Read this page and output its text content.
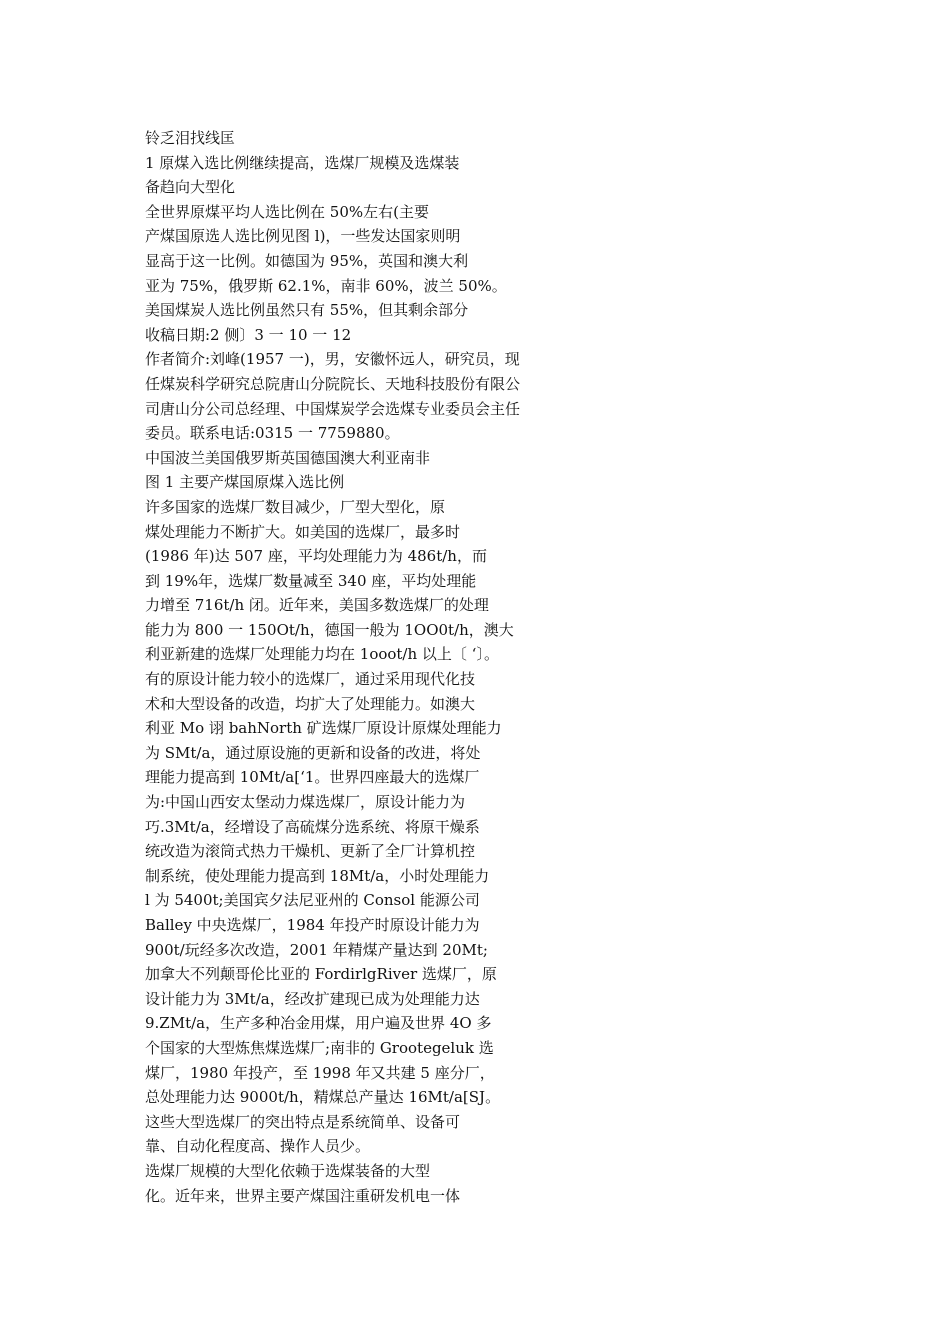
铃乏泪找线匡
1 原煤入选比例继续提高，选煤厂规模及选煤装
备趋向大型化
全世界原煤平均人选比例在 50%左右(主要
产煤国原选人选比例见图 l)，一些发达国家则明
显高于这一比例。如德国为 95%，英国和澳大利
亚为 75%，俄罗斯 62.1%，南非 60%，波兰 50%。
美国煤炭人选比例虽然只有 55%，但其剩余部分
收稿日期:2 侧〕3 一 10 一 12
作者简介:刘峰(1957 一)，男，安徽怀远人，研究员，现
任煤炭科学研究总院唐山分院院长、天地科技股份有限公
司唐山分公司总经理、中国煤炭学会选煤专业委员会主任
委员。联系电话:0315 一 7759880。
中国波兰美国俄罗斯英国德国澳大利亚南非
图 1 主要产煤国原煤入选比例
许多国家的选煤厂数目减少，厂型大型化，原
煤处理能力不断扩大。如美国的选煤厂，最多时
(1986 年)达 507 座，平均处理能力为 486t/h，而
到 19%年，选煤厂数量减至 340 座，平均处理能
力增至 716t/h 闭。近年来，美国多数选煤厂的处理
能力为 800 一 150Ot/h，德国一般为 1OO0t/h，澳大
利亚新建的选煤厂处理能力均在 1ooot/h 以上〔 ‘〕。
有的原设计能力较小的选煤厂，通过采用现代化技
术和大型设备的改造，均扩大了处理能力。如澳大
利亚 Mo 诩 bahNorth 矿选煤厂原设计原煤处理能力
为 SMt/a，通过原设施的更新和设备的改进，将处
理能力提高到 10Mt/a[‘1。世界四座最大的选煤厂
为:中国山西安太堡动力煤选煤厂，原设计能力为
巧.3Mt/a，经增设了高硫煤分选系统、将原干燥系
统改造为滚筒式热力干燥机、更新了全厂计算机控
制系统，使处理能力提高到 18Mt/a，小时处理能力
l 为 5400t;美国宾夕法尼亚州的 Consol 能源公司
Balley 中央选煤厂，1984 年投产时原设计能力为
900t/玩经多次改造，2001 年精煤产量达到 20Mt;
加拿大不列颠哥伦比亚的 FordirlgRiver 选煤厂，原
设计能力为 3Mt/a，经改扩建现已成为处理能力达
9.ZMt/a，生产多种冶金用煤，用户遍及世界 4O 多
个国家的大型炼焦煤选煤厂;南非的 Grootegeluk 选
煤厂，1980 年投产，至 1998 年又共建 5 座分厂，
总处理能力达 9000t/h，精煤总产量达 16Mt/a[SJ。
这些大型选煤厂的突出特点是系统简单、设备可
靠、自动化程度高、操作人员少。
选煤厂规模的大型化依赖于选煤装备的大型
化。近年来，世界主要产煤国注重研发机电一体
